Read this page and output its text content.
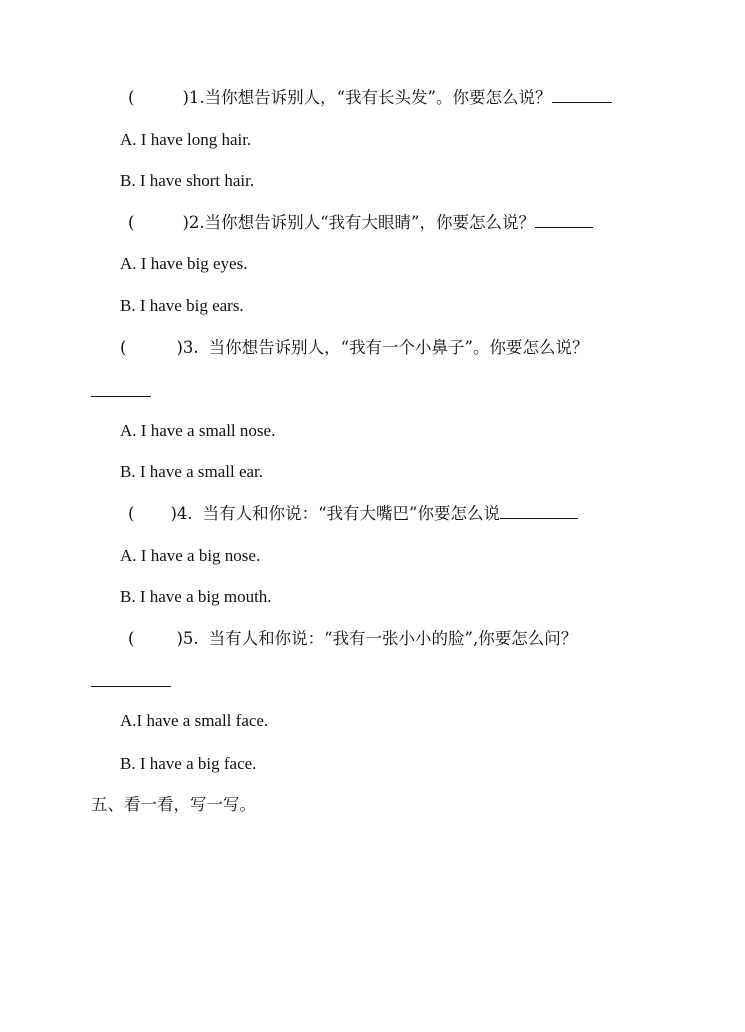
(	)1.当你想告诉别人，“我有长头发”。你要怎么说？
A. I have long hair.
B. I have short hair.
(	)2.当你想告诉别人“我有大眼睛”，你要怎么说？
A. I have big eyes.
B. I have big ears.
(	)3. 当你想告诉别人，“我有一个小鼻子”。你要怎么说？
A. I have a small nose.
B. I have a small ear.
( )4. 当有人和你说：“我有大嘴巴”你要怎么说
A. I have a big nose.
B. I have a big mouth.
(	)5. 当有人和你说：“我有一张小小的脸”,你要怎么问？
A.I have a small face.
B. I have a big face.
五、看一看，写一写。
